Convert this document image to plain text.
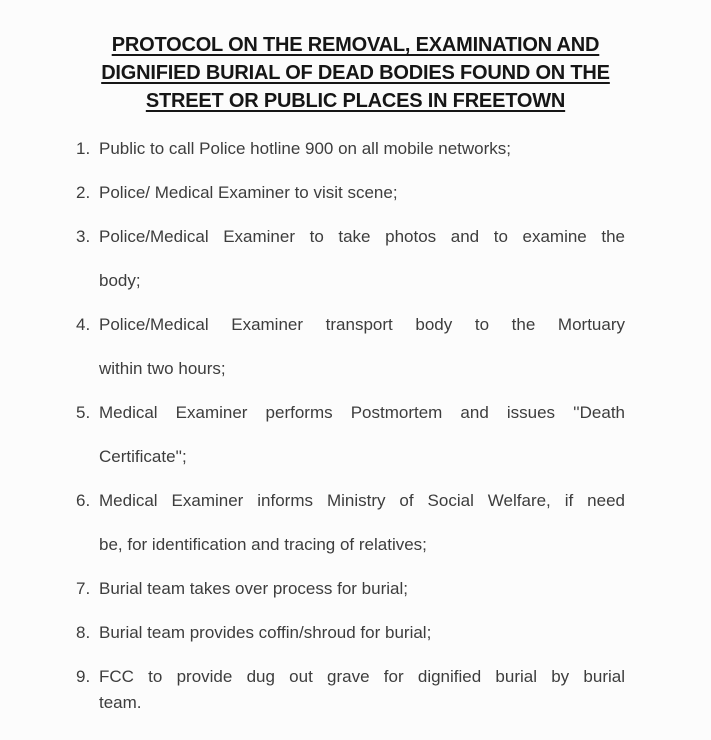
PROTOCOL ON THE REMOVAL, EXAMINATION AND
DIGNIFIED BURIAL OF DEAD BODIES FOUND ON THE
STREET OR PUBLIC PLACES IN FREETOWN
1. Public to call Police hotline 900 on all mobile networks;
2. Police/ Medical Examiner to visit scene;
3. Police/Medical Examiner to take photos and to examine the
body;
4. Police/Medical Examiner transport body to the Mortuary
within two hours;
5. Medical Examiner performs Postmortem and issues ''Death
Certificate'';
6. Medical Examiner informs Ministry of Social Welfare, if need
be, for identification and tracing of relatives;
7. Burial team takes over process for burial;
8. Burial team provides coffin/shroud for burial;
9. FCC to provide dug out grave for dignified burial by burial
team.
